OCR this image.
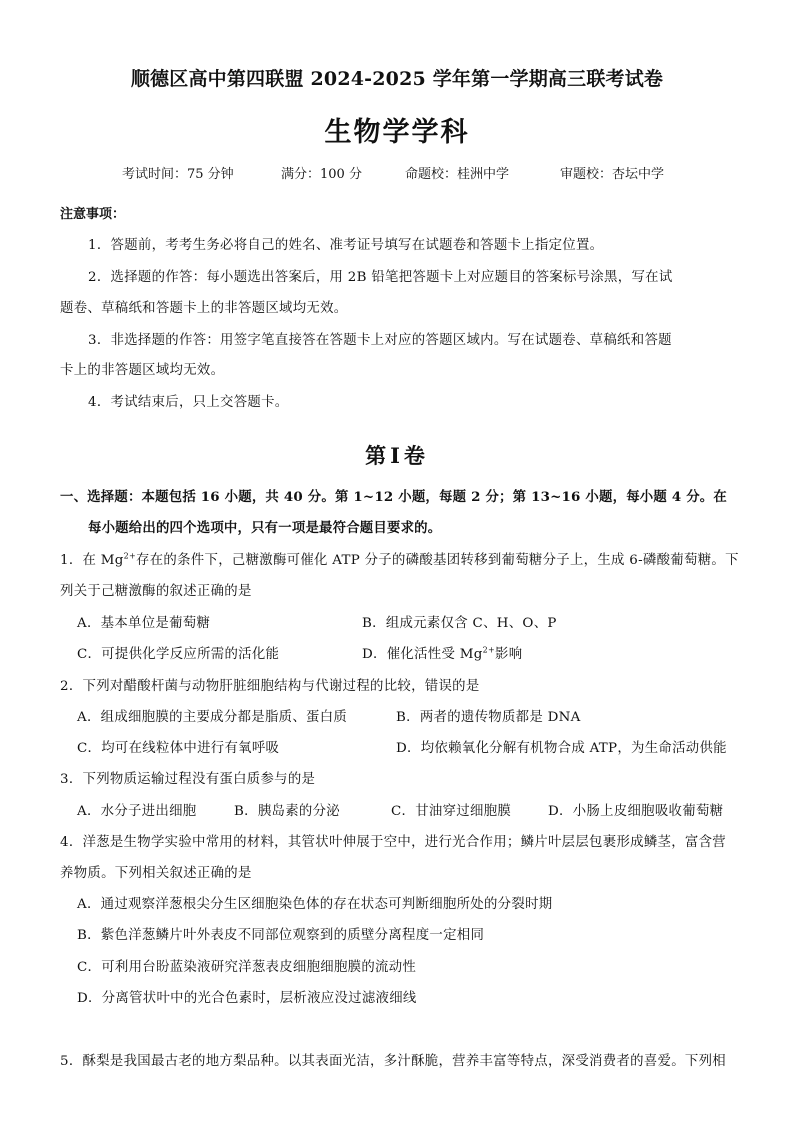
顺德区高中第四联盟 2024-2025 学年第一学期高三联考试卷
生物学学科
考试时间：75 分钟	满分：100 分	命题校：桂洲中学	审题校：杏坛中学
注意事项：
1．答题前，考考生务必将自己的姓名、准考证号填写在试题卷和答题卡上指定位置。
2．选择题的作答：每小题选出答案后，用 2B 铅笔把答题卡上对应题目的答案标号涂黑，写在试
题卷、草稿纸和答题卡上的非答题区域均无效。
3．非选择题的作答：用签字笔直接答在答题卡上对应的答题区域内。写在试题卷、草稿纸和答题
卡上的非答题区域均无效。
4．考试结束后，只上交答题卡。
第Ⅰ卷
一、选择题：本题包括 16 小题，共 40 分。第 1~12 小题，每题 2 分；第 13~16 小题，每小题 4 分。在
每小题给出的四个选项中，只有一项是最符合题目要求的。
1．在 $Mg^{2+}$存在的条件下，己糖激酶可催化 ATP 分子的磷酸基团转移到葡萄糖分子上，生成 6-磷酸葡萄糖。下
列关于己糖激酶的叙述正确的是
A．基本单位是葡萄糖	B．组成元素仅含 C、H、O、P
C．可提供化学反应所需的活化能	D．催化活性受 $Mg^{2+}$影响
2．下列对醋酸杆菌与动物肝脏细胞结构与代谢过程的比较，错误的是
A．组成细胞膜的主要成分都是脂质、蛋白质	B．两者的遗传物质都是 DNA
C．均可在线粒体中进行有氧呼吸	D．均依赖氧化分解有机物合成 ATP，为生命活动供能
3．下列物质运输过程没有蛋白质参与的是
A．水分子进出细胞	B．胰岛素的分泌	C．甘油穿过细胞膜	D．小肠上皮细胞吸收葡萄糖
4．洋葱是生物学实验中常用的材料，其管状叶伸展于空中，进行光合作用；鳞片叶层层包裹形成鳞茎，富含营
养物质。下列相关叙述正确的是
A．通过观察洋葱根尖分生区细胞染色体的存在状态可判断细胞所处的分裂时期
B．紫色洋葱鳞片叶外表皮不同部位观察到的质壁分离程度一定相同
C．可利用台盼蓝染液研究洋葱表皮细胞细胞膜的流动性
D．分离管状叶中的光合色素时，层析液应没过滤液细线
5．酥梨是我国最古老的地方梨品种。以其表面光洁，多汁酥脆，营养丰富等特点，深受消费者的喜爱。下列相
